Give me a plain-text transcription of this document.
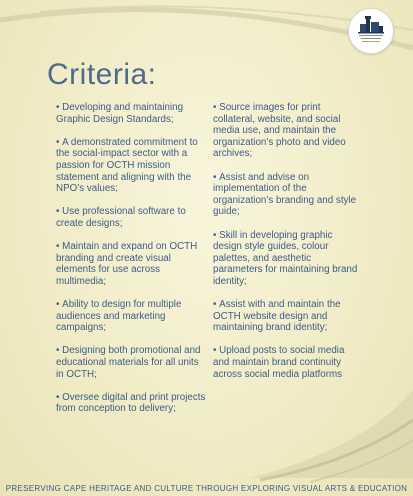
Criteria:
• Developing and maintaining Graphic Design Standards;
• A demonstrated commitment to the social-impact sector with a passion for OCTH mission statement and aligning with the NPO’s values;
• Use professional software to create designs;
• Maintain and expand on OCTH branding and create visual elements for use across multimedia;
• Ability to design for multiple audiences and marketing campaigns;
• Designing both promotional and educational materials for all units in OCTH;
• Oversee digital and print projects from conception to delivery;
• Source images for print collateral, website, and social media use, and maintain the organization’s photo and video archives;
• Assist and advise on implementation of the organization’s branding and style guide;
• Skill in developing graphic design style guides, colour palettes, and aesthetic parameters for maintaining brand identity;
• Assist with and maintain the OCTH website design and maintaining brand identity;
• Upload posts to social media and maintain brand continuity across social media platforms
PRESERVING CAPE HERITAGE AND CULTURE THROUGH EXPLORING VISUAL ARTS & EDUCATION
